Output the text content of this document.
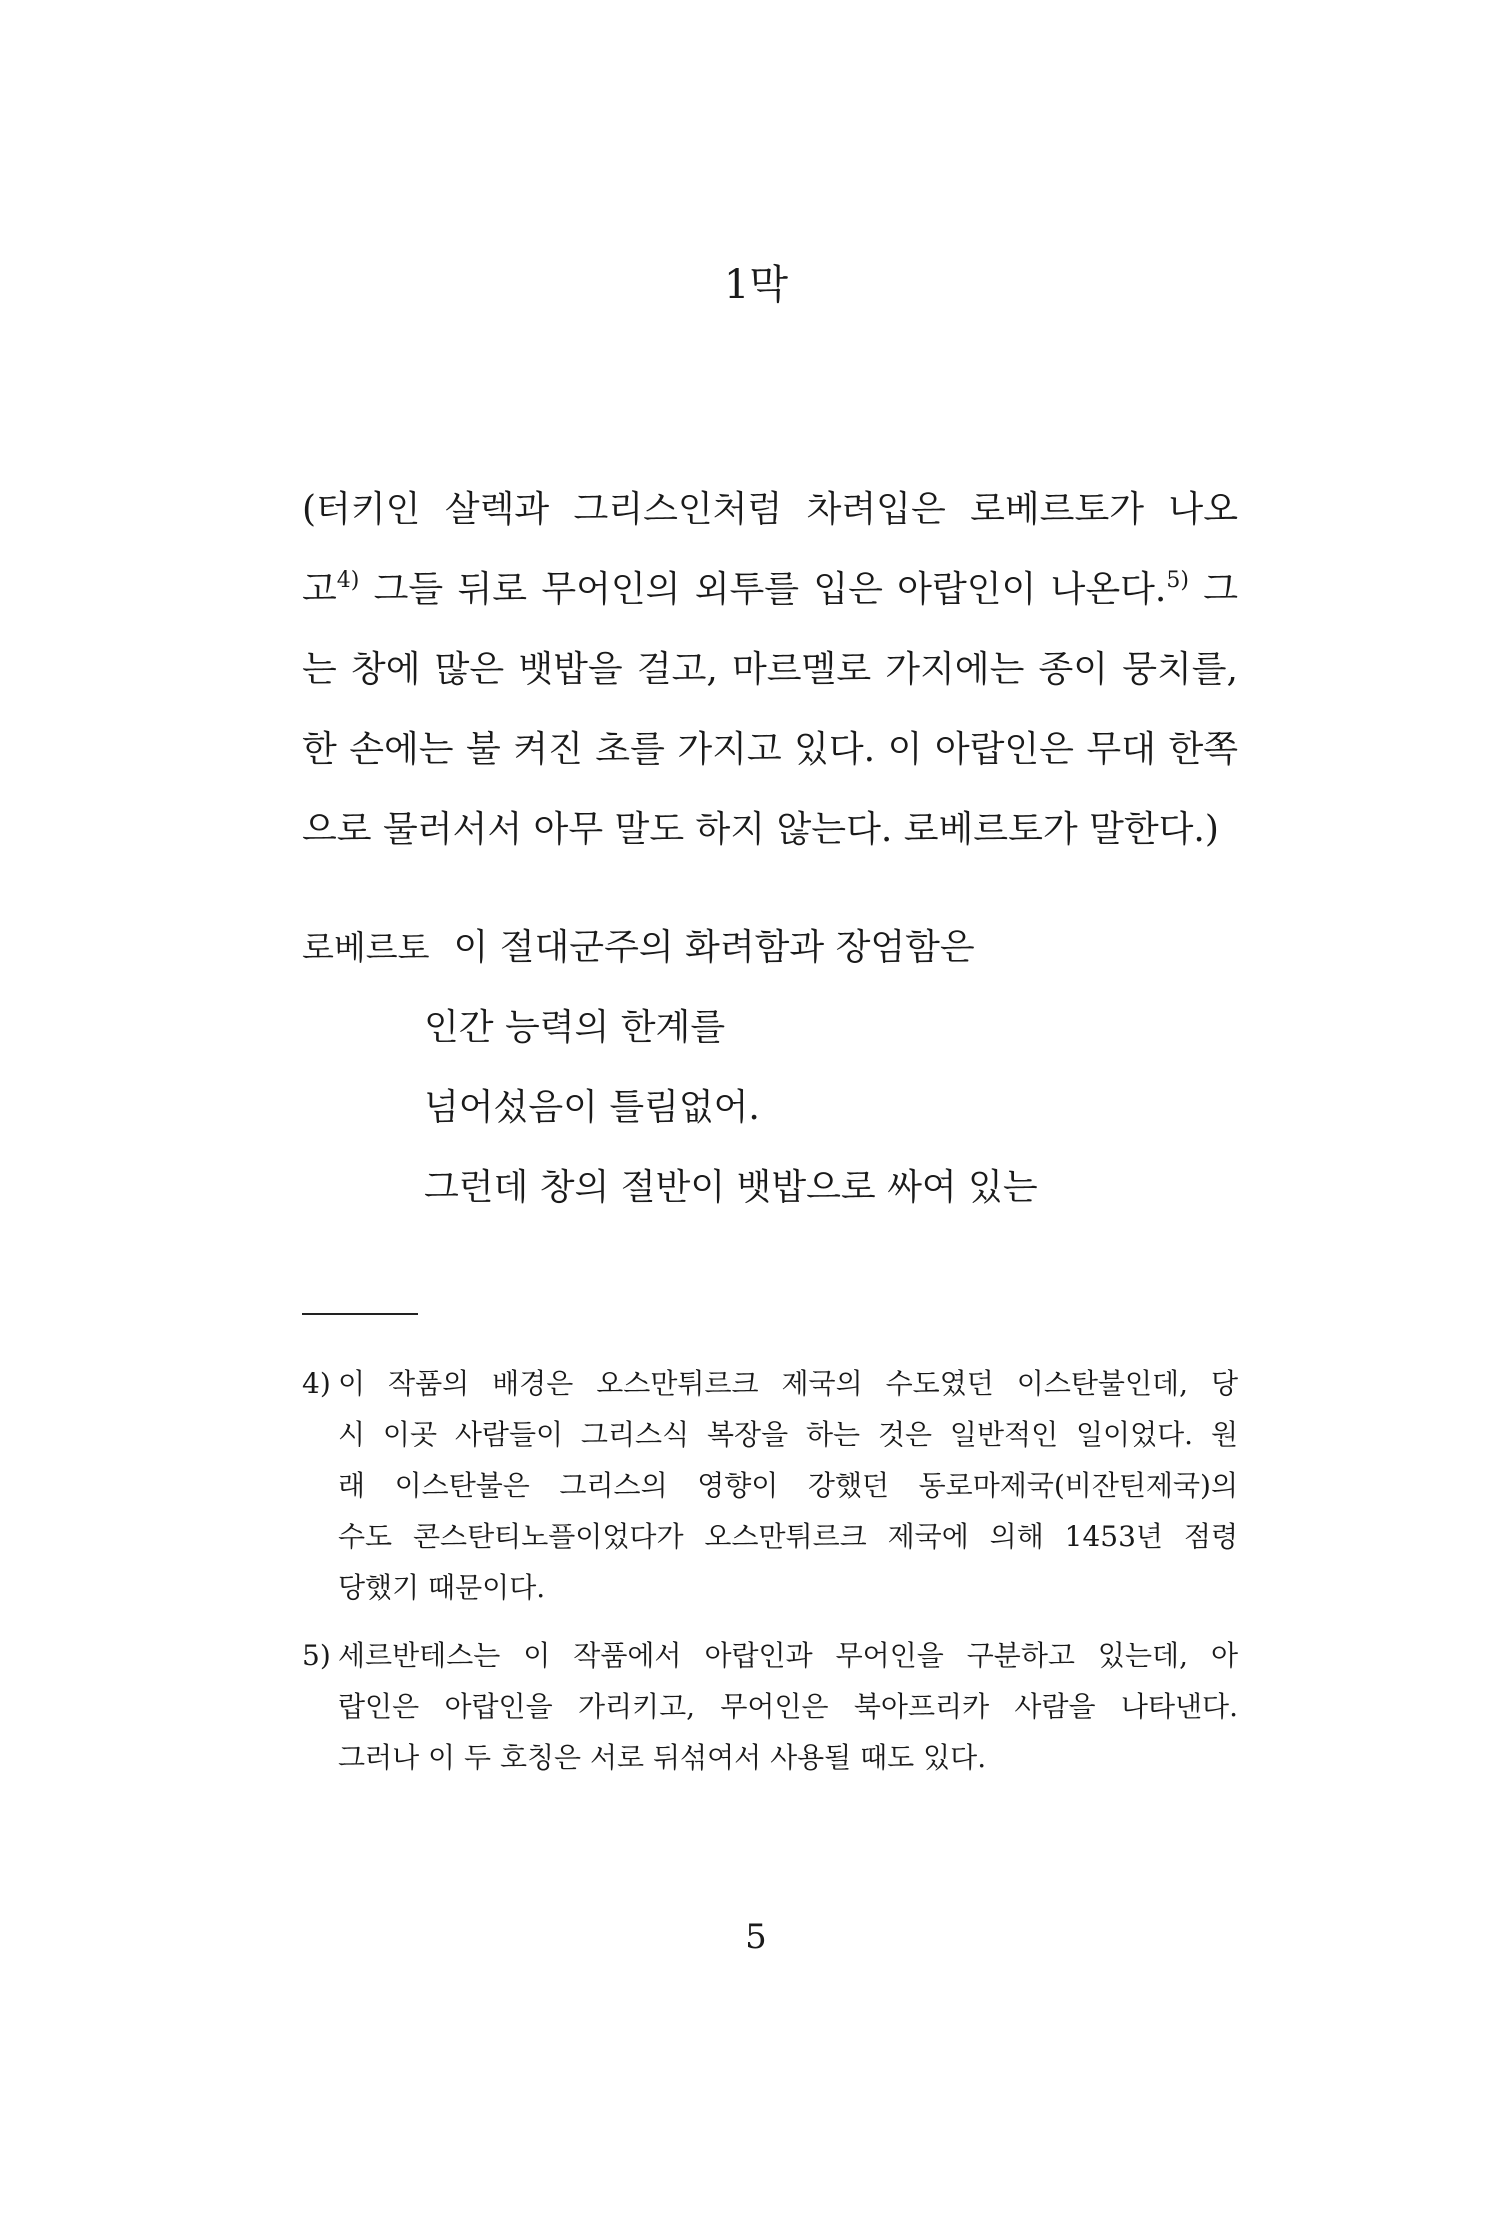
1막
(터키인 살렉과 그리스인처럼 차려입은 로베르토가 나오
고$^{4)}$ 그들 뒤로 무어인의 외투를 입은 아랍인이 나온다.$^{5)}$ 그
는 창에 많은 뱃밥을 걸고, 마르멜로 가지에는 종이 뭉치를,
한 손에는 불 켜진 초를 가지고 있다. 이 아랍인은 무대 한쪽
으로 물러서서 아무 말도 하지 않는다. 로베르토가 말한다.)
로베르토 이 절대군주의 화려함과 장엄함은
인간 능력의 한계를
넘어섰음이 틀림없어.
그런데 창의 절반이 뱃밥으로 싸여 있는
4) 이 작품의 배경은 오스만튀르크 제국의 수도였던 이스탄불인데, 당
시 이곳 사람들이 그리스식 복장을 하는 것은 일반적인 일이었다. 원
래 이스탄불은 그리스의 영향이 강했던 동로마제국(비잔틴제국)의
수도 콘스탄티노플이었다가 오스만튀르크 제국에 의해 1453년 점령
당했기 때문이다.
5) 세르반테스는 이 작품에서 아랍인과 무어인을 구분하고 있는데, 아
랍인은 아랍인을 가리키고, 무어인은 북아프리카 사람을 나타낸다.
그러나 이 두 호칭은 서로 뒤섞여서 사용될 때도 있다.
5
